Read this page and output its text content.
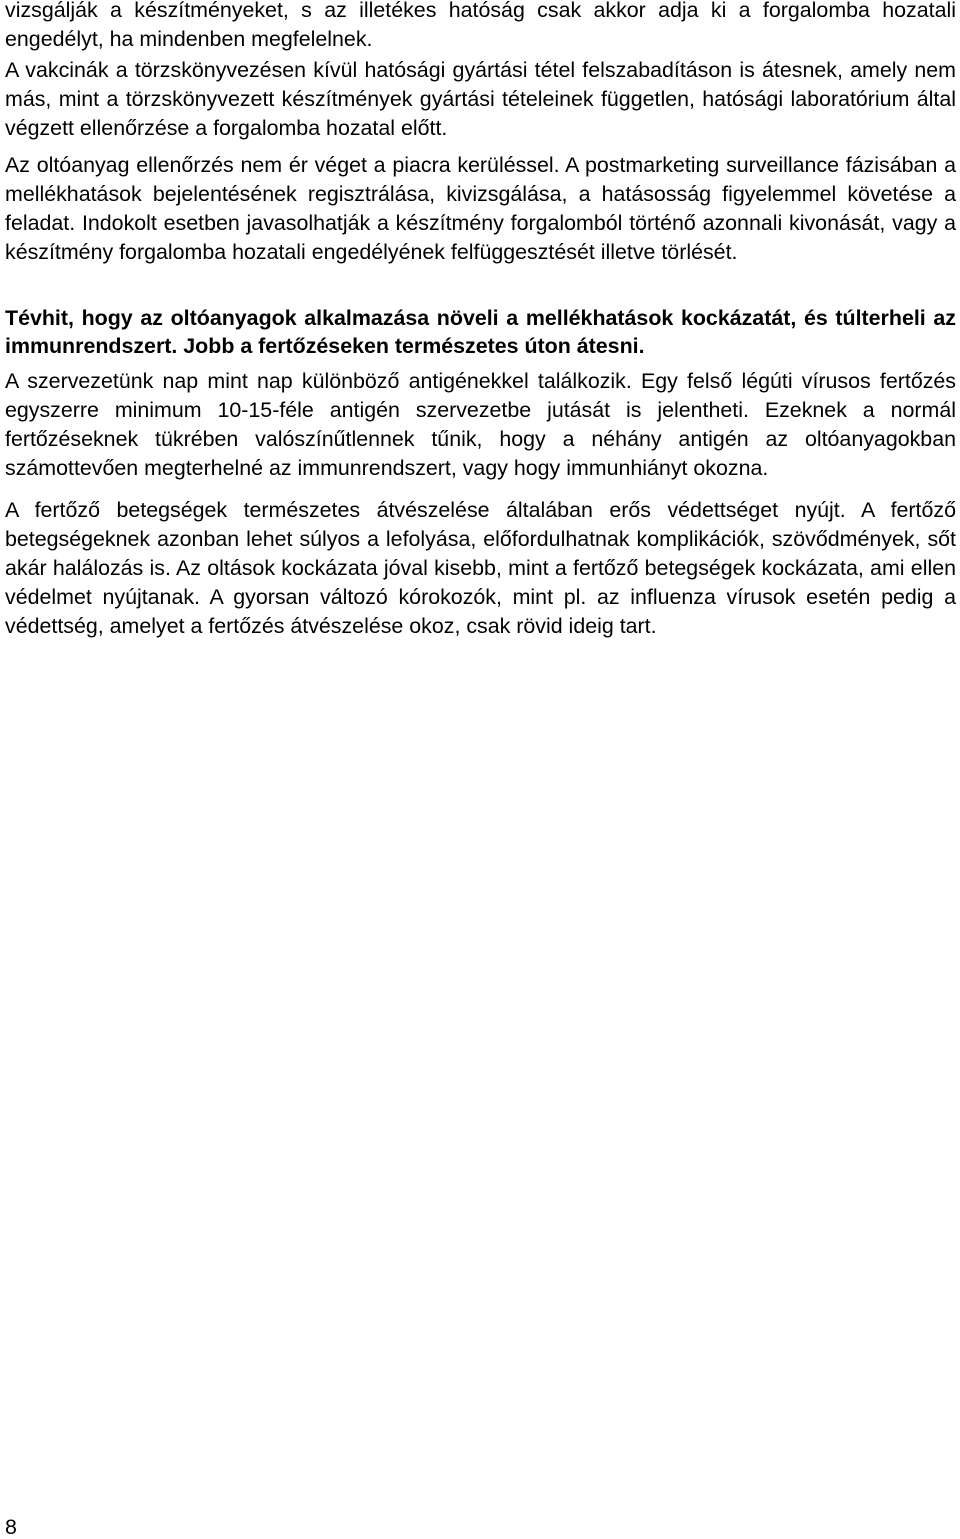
vizsgálják a készítményeket, s az illetékes hatóság csak akkor adja ki a forgalomba hozatali engedélyt, ha mindenben megfelelnek.

A vakcinák a törzskönyvezésen kívül hatósági gyártási tétel felszabadításon is átesnek, amely nem más, mint a törzskönyvezett készítmények gyártási tételeinek független, hatósági laboratórium által végzett ellenőrzése a forgalomba hozatal előtt.

Az oltóanyag ellenőrzés nem ér véget a piacra kerüléssel. A postmarketing surveillance fázisában a mellékhatások bejelentésének regisztrálása, kivizsgálása, a hatásosság figyelemmel követése a feladat. Indokolt esetben javasolhatják a készítmény forgalomból történő azonnali kivonását, vagy a készítmény forgalomba hozatali engedélyének felfüggesztését illetve törlését.

Tévhit, hogy az oltóanyagok alkalmazása növeli a mellékhatások kockázatát, és túlterheli az immunrendszert. Jobb a fertőzéseken természetes úton átesni.

A szervezetünk nap mint nap különböző antigénekkel találkozik. Egy felső légúti vírusos fertőzés egyszerre minimum 10-15-féle antigén szervezetbe jutását is jelentheti. Ezeknek a normál fertőzéseknek tükrében valószínűtlennek tűnik, hogy a néhány antigén az oltóanyagokban számottevően megterhelné az immunrendszert, vagy hogy immunhiányt okozna.

A fertőző betegségek természetes átvészelése általában erős védettséget nyújt. A fertőző betegségeknek azonban lehet súlyos a lefolyása, előfordulhatnak komplikációk, szövődmények, sőt akár halálozás is. Az oltások kockázata jóval kisebb, mint a fertőző betegségek kockázata, ami ellen védelmet nyújtanak. A gyorsan változó kórokozók, mint pl. az influenza vírusok esetén pedig a védettség, amelyet a fertőzés átvészelése okoz, csak rövid ideig tart.

8
